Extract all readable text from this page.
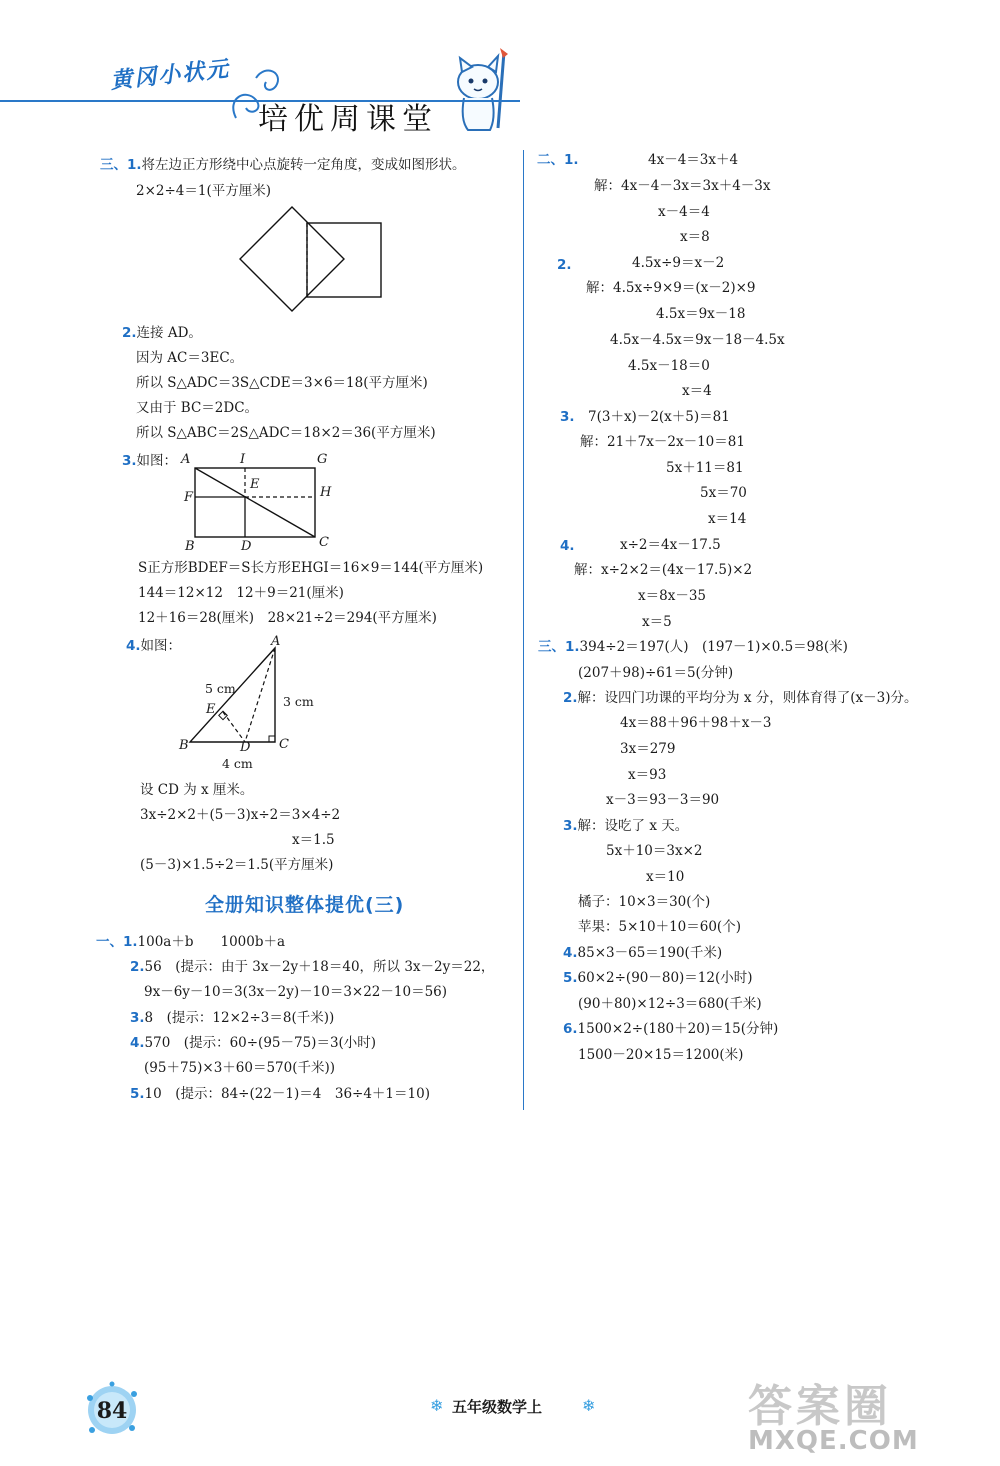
黄冈小状元
培优周课堂
三、1.将左边正方形绕中心点旋转一定角度，变成如图形状。
2×2÷4＝1(平方厘米)
2.连接 AD。
因为 AC＝3EC。
所以 S△ADC＝3S△CDE＝3×6＝18(平方厘米)
又由于 BC＝2DC。
所以 S△ABC＝2S△ADC＝18×2＝36(平方厘米)
3.如图： A	I	G
E
F	H
B	D	C
S正方形BDEF＝S长方形EHGI＝16×9＝144(平方厘米)
144＝12×12　12＋9＝21(厘米)
12＋16＝28(厘米)　28×21÷2＝294(平方厘米)
4.如图：	A
E
B	D C
5 cm
3 cm
4 cm
设 CD 为 x 厘米。
3x÷2×2＋(5－3)x÷2＝3×4÷2
x＝1.5
(5－3)×1.5÷2＝1.5(平方厘米)
全册知识整体提优(三)
一、1.100a＋b　　1000b＋a
2.56　(提示：由于 3x－2y＋18＝40，所以 3x－2y＝22，
9x－6y－10＝3(3x－2y)－10＝3×22－10＝56)
3.8　(提示：12×2÷3＝8(千米))
4.570　(提示：60÷(95－75)＝3(小时)
(95＋75)×3＋60＝570(千米))
5.10　(提示：84÷(22－1)＝4　36÷4＋1＝10)
二、1.	4x－4＝3x＋4
解：4x－4－3x＝3x＋4－3x
x－4＝4
x＝8
2.	4.5x÷9＝x－2
解：4.5x÷9×9＝(x－2)×9
4.5x＝9x－18
4.5x－4.5x＝9x－18－4.5x
4.5x－18＝0
x＝4
3. 7(3＋x)－2(x＋5)＝81
解：21＋7x－2x－10＝81
5x＋11＝81
5x＝70
x＝14
4.	x÷2＝4x－17.5
解：x÷2×2＝(4x－17.5)×2
x＝8x－35
x＝5
三、1.394÷2＝197(人)　(197－1)×0.5＝98(米)
(207＋98)÷61＝5(分钟)
2.解：设四门功课的平均分为 x 分，则体育得了(x－3)分。
4x＝88＋96＋98＋x－3
3x＝279
x＝93
x－3＝93－3＝90
3.解：设吃了 x 天。
5x＋10＝3x×2
x＝10
橘子：10×3＝30(个)
苹果：5×10＋10＝60(个)
4.85×3－65＝190(千米)
5.60×2÷(90－80)＝12(小时)
(90＋80)×12÷3＝680(千米)
6.1500×2÷(180＋20)＝15(分钟)
1500－20×15＝1200(米)
84	❄ 五年级数学上 ❄	答案圈
MXQE.COM
